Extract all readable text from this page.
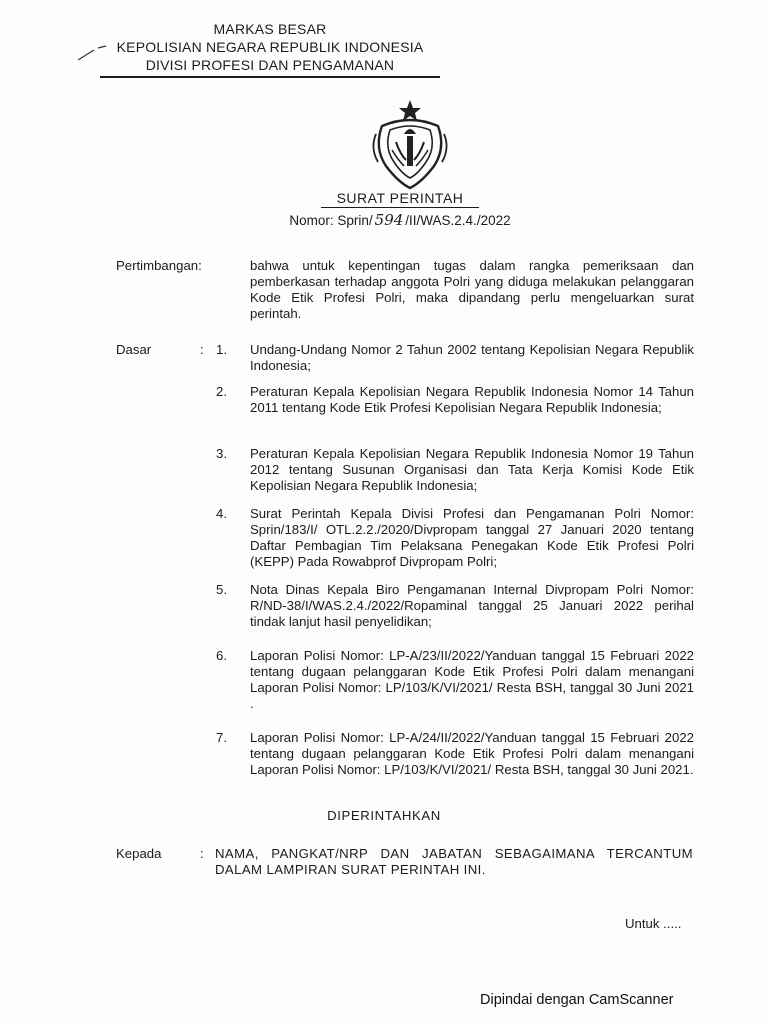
MARKAS BESAR
KEPOLISIAN NEGARA REPUBLIK INDONESIA
DIVISI PROFESI DAN PENGAMANAN
SURAT PERINTAH
Nomor: Sprin/ 594 /II/WAS.2.4./2022
Pertimbangan:	bahwa untuk kepentingan tugas dalam rangka pemeriksaan dan pemberkasan terhadap anggota Polri yang diduga melakukan pelanggaran Kode Etik Profesi Polri, maka dipandang perlu mengeluarkan surat perintah.
Dasar	: 1. Undang-Undang Nomor 2 Tahun 2002 tentang Kepolisian Negara Republik Indonesia;
2. Peraturan Kepala Kepolisian Negara Republik Indonesia Nomor 14 Tahun 2011 tentang Kode Etik Profesi Kepolisian Negara Republik Indonesia;
3. Peraturan Kepala Kepolisian Negara Republik Indonesia Nomor 19 Tahun 2012 tentang Susunan Organisasi dan Tata Kerja Komisi Kode Etik Kepolisian Negara Republik Indonesia;
4. Surat Perintah Kepala Divisi Profesi dan Pengamanan Polri Nomor: Sprin/183/I/ OTL.2.2./2020/Divpropam tanggal 27 Januari 2020 tentang Daftar Pembagian Tim Pelaksana Penegakan Kode Etik Profesi Polri (KEPP) Pada Rowabprof Divpropam Polri;
5. Nota Dinas Kepala Biro Pengamanan Internal Divpropam Polri Nomor: R/ND-38/I/WAS.2.4./2022/Ropaminal tanggal 25 Januari 2022 perihal tindak lanjut hasil penyelidikan;
6. Laporan Polisi Nomor: LP-A/23/II/2022/Yanduan tanggal 15 Februari 2022 tentang dugaan pelanggaran Kode Etik Profesi Polri dalam menangani Laporan Polisi Nomor: LP/103/K/VI/2021/ Resta BSH, tanggal 30 Juni 2021 .
7. Laporan Polisi Nomor: LP-A/24/II/2022/Yanduan tanggal 15 Februari 2022 tentang dugaan pelanggaran Kode Etik Profesi Polri dalam menangani Laporan Polisi Nomor: LP/103/K/VI/2021/ Resta BSH, tanggal 30 Juni 2021.
DIPERINTAHKAN
Kepada	: NAMA, PANGKAT/NRP DAN JABATAN SEBAGAIMANA TERCANTUM DALAM LAMPIRAN SURAT PERINTAH INI.
Untuk .....
Dipindai dengan CamScanner
